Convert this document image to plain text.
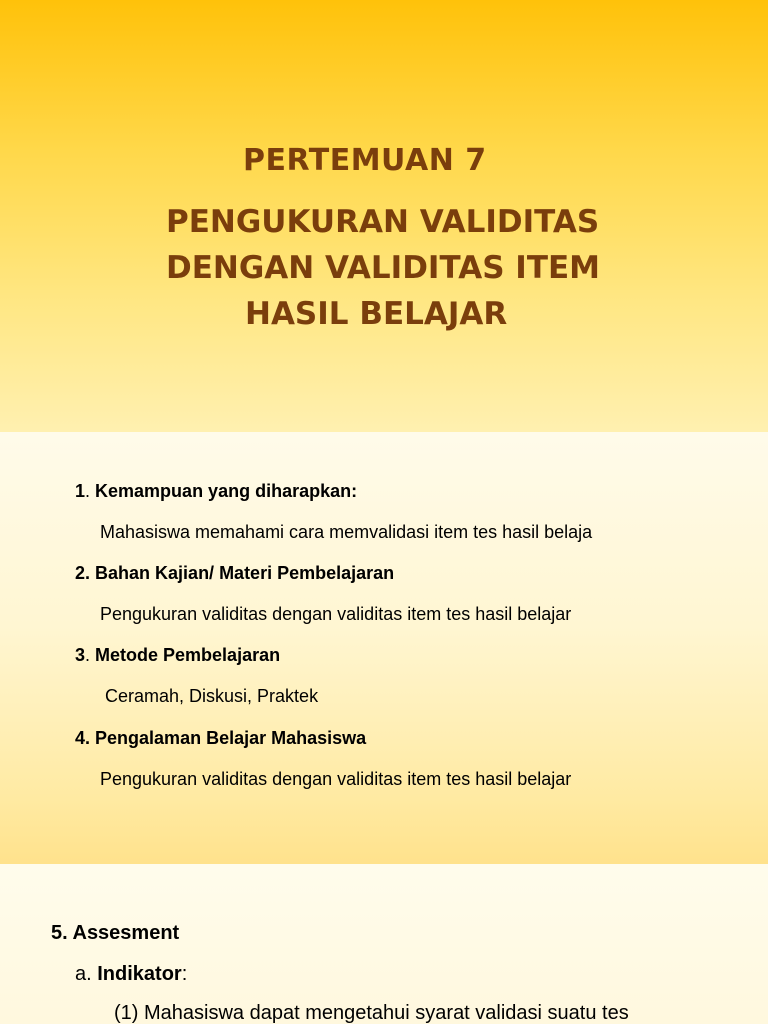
PERTEMUAN 7
PENGUKURAN VALIDITAS
DENGAN VALIDITAS ITEM
HASIL BELAJAR

1. Kemampuan yang diharapkan:

Mahasiswa memahami cara memvalidasi item tes hasil belaja

2. Bahan Kajian/ Materi Pembelajaran

Pengukuran validitas dengan validitas item tes hasil belajar

3. Metode Pembelajaran

Ceramah, Diskusi, Praktek

4. Pengalaman Belajar Mahasiswa

Pengukuran validitas dengan validitas item tes hasil belajar

5. Assesment

a. Indikator:

(1) Mahasiswa dapat mengetahui syarat validasi suatu tes
